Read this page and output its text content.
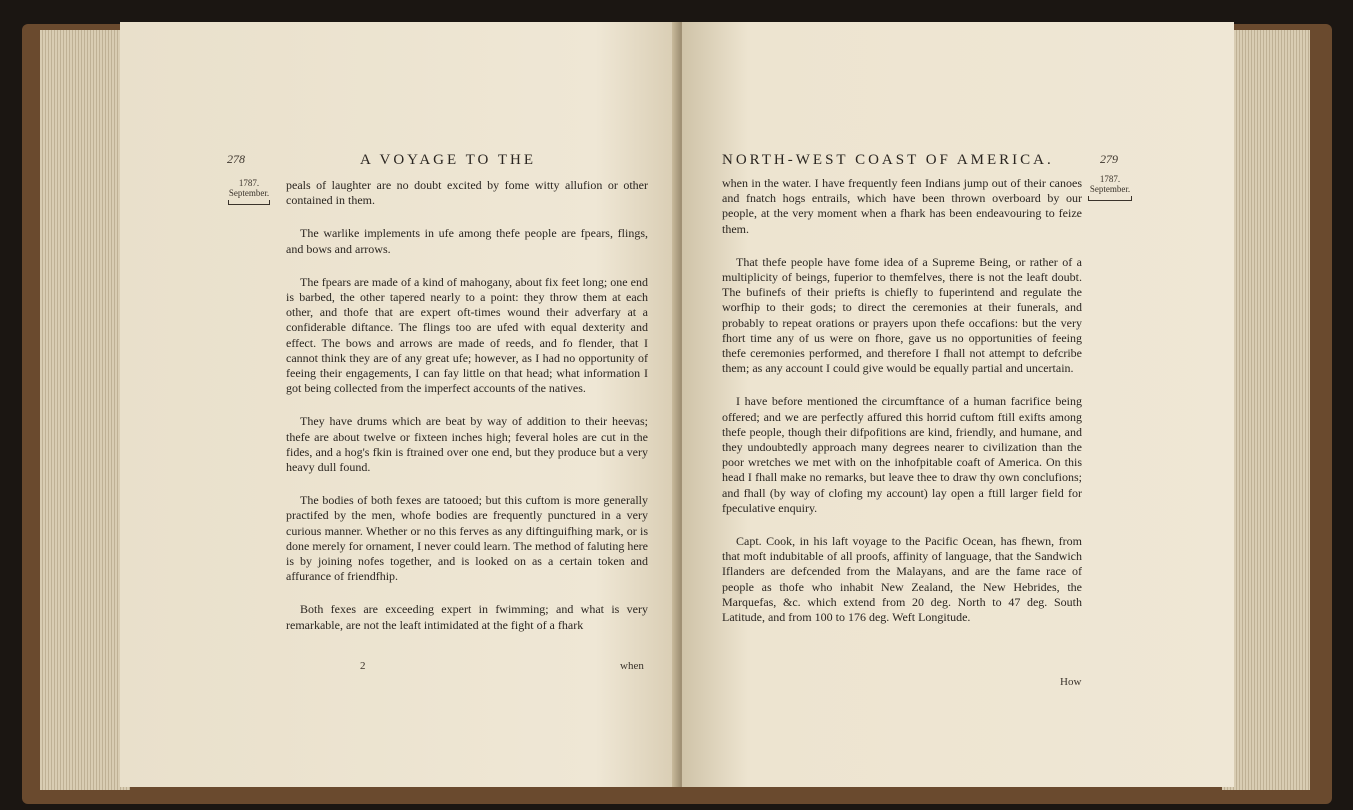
278	A VOYAGE TO THE
1787.
September.

peals of laughter are no doubt excited by fome witty allufion or other contained in them.

The warlike implements in ufe among thefe people are fpears, flings, and bows and arrows.

The fpears are made of a kind of mahogany, about fix feet long; one end is barbed, the other tapered nearly to a point: they throw them at each other, and thofe that are expert oft-times wound their adverfary at a confiderable diftance. The flings too are ufed with equal dexterity and effect. The bows and arrows are made of reeds, and fo flender, that I cannot think they are of any great ufe; however, as I had no opportunity of feeing their engagements, I can fay little on that head; what information I got being collected from the imperfect accounts of the natives.

They have drums which are beat by way of addition to their heevas; thefe are about twelve or fixteen inches high; feveral holes are cut in the fides, and a hog's fkin is ftrained over one end, but they produce but a very heavy dull found.

The bodies of both fexes are tatooed; but this cuftom is more generally practifed by the men, whofe bodies are frequently punctured in a very curious manner. Whether or no this ferves as any diftinguifhing mark, or is done merely for ornament, I never could learn. The method of faluting here is by joining nofes together, and is looked on as a certain token and affurance of friendfhip.

Both fexes are exceeding expert in fwimming; and what is very remarkable, are not the leaft intimidated at the fight of a fhark

2	when
NORTH-WEST COAST OF AMERICA.	279
1787.
September.

when in the water. I have frequently feen Indians jump out of their canoes and fnatch hogs entrails, which have been thrown overboard by our people, at the very moment when a fhark has been endeavouring to feize them.

That thefe people have fome idea of a Supreme Being, or rather of a multiplicity of beings, fuperior to themfelves, there is not the leaft doubt. The bufinefs of their priefts is chiefly to fuperintend and regulate the worfhip to their gods; to direct the ceremonies at their funerals, and probably to repeat orations or prayers upon thefe occafions: but the very fhort time any of us were on fhore, gave us no opportunities of feeing thefe ceremonies performed, and therefore I fhall not attempt to defcribe them; as any account I could give would be equally partial and uncertain.

I have before mentioned the circumftance of a human facrifice being offered; and we are perfectly affured this horrid cuftom ftill exifts among thefe people, though their difpofitions are kind, friendly, and humane, and they undoubtedly approach many degrees nearer to civilization than the poor wretches we met with on the inhofpitable coaft of America. On this head I fhall make no remarks, but leave thee to draw thy own conclufions; and fhall (by way of clofing my account) lay open a ftill larger field for fpeculative enquiry.

Capt. Cook, in his laft voyage to the Pacific Ocean, has fhewn, from that moft indubitable of all proofs, affinity of language, that the Sandwich Iflanders are defcended from the Malayans, and are the fame race of people as thofe who inhabit New Zealand, the New Hebrides, the Marquefas, &c. which extend from 20 deg. North to 47 deg. South Latitude, and from 100 to 176 deg. Weft Longitude.

How
